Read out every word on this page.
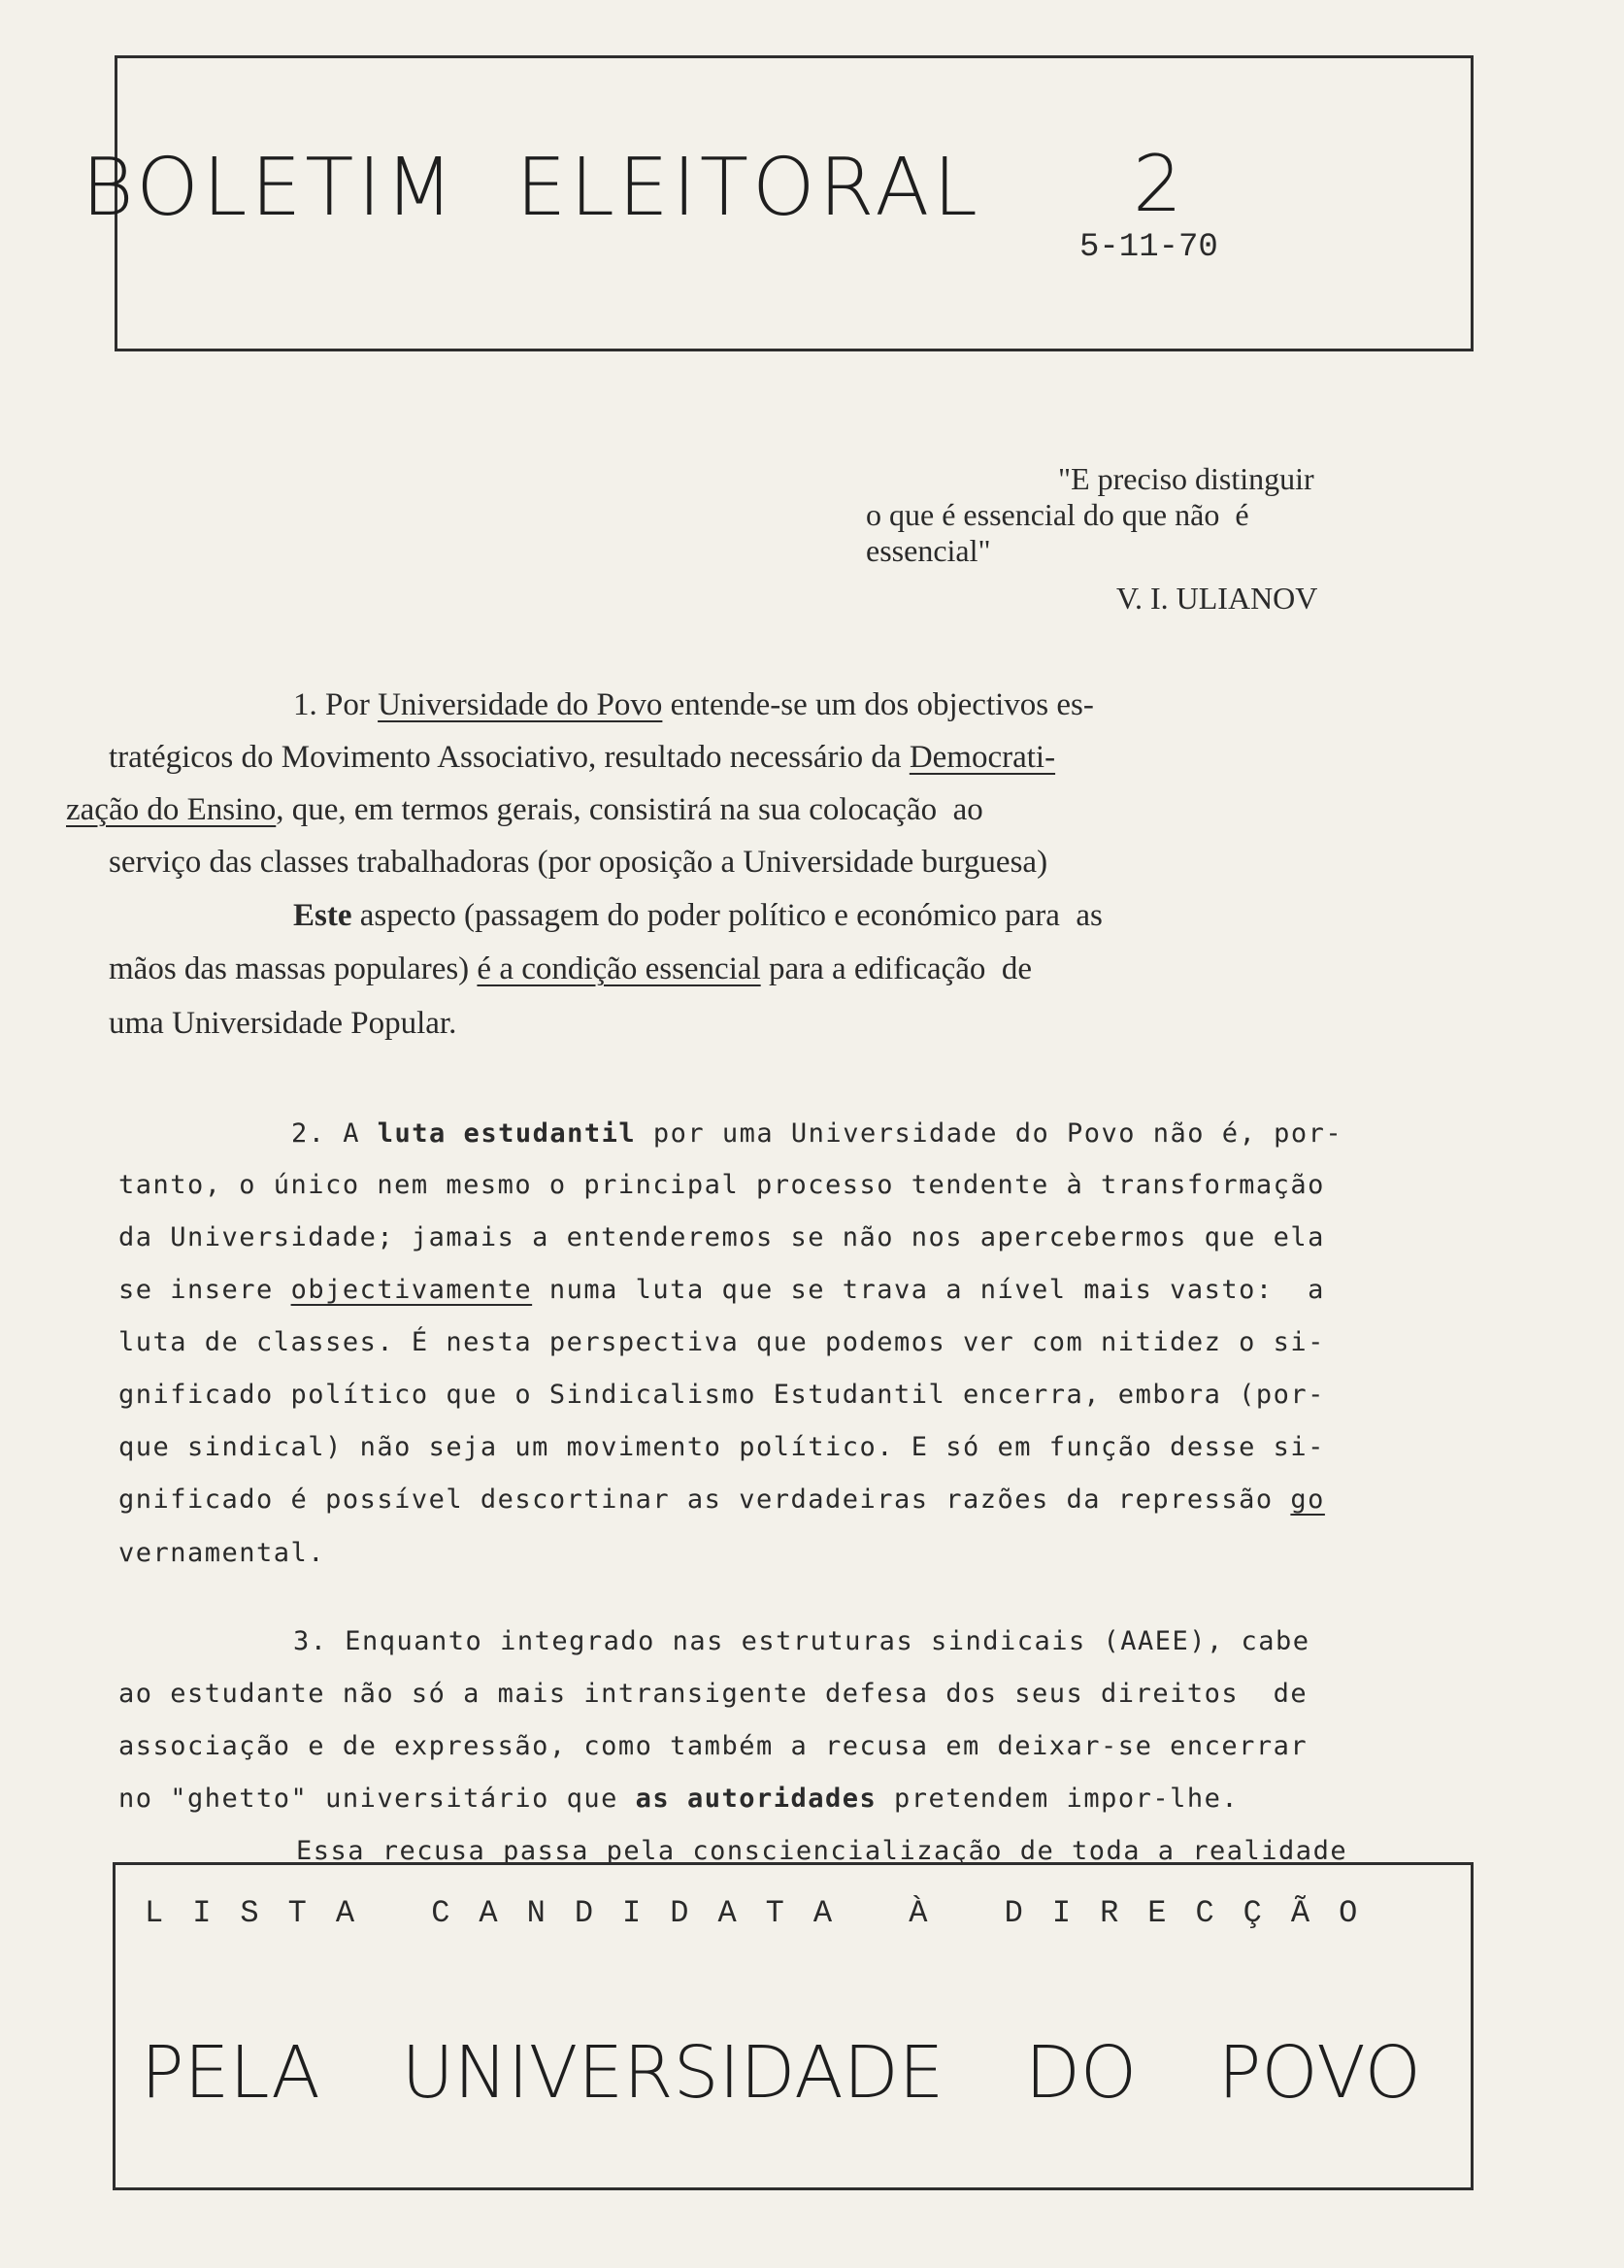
BOLETIM  ELEITORAL 2
5-11-70
"E preciso distinguir
o que é essencial do que não  é
essencial"
V. I. ULIANOV
1. Por Universidade do Povo entende-se um dos objectivos es-
tratégicos do Movimento Associativo, resultado necessário da Democrati-
zação do Ensino, que, em termos gerais, consistirá na sua colocação  ao
serviço das classes trabalhadoras (por oposição a Universidade burguesa)
Este aspecto (passagem do poder político e económico para  as
mãos das massas populares) é a condição essencial para a edificação  de
uma Universidade Popular.
2. A luta estudantil por uma Universidade do Povo não é, por-
tanto, o único nem mesmo o principal processo tendente à transformação
da Universidade; jamais a entenderemos se não nos apercebermos que ela
se insere objectivamente numa luta que se trava a nível mais vasto:  a
luta de classes. É nesta perspectiva que podemos ver com nitidez o si-
gnificado político que o Sindicalismo Estudantil encerra, embora (por-
que sindical) não seja um movimento político. E só em função desse si-
gnificado é possível descortinar as verdadeiras razões da repressão go
vernamental.
3. Enquanto integrado nas estruturas sindicais (AAEE), cabe
ao estudante não só a mais intransigente defesa dos seus direitos  de
associação e de expressão, como também a recusa em deixar-se encerrar
no "ghetto" universitário que as autoridades pretendem impor-lhe.
Essa recusa passa pela consciencialização de toda a realidade
LISTA CANDIDATA À DIRECÇÃO
PELA UNIVERSIDADE DO POVO
